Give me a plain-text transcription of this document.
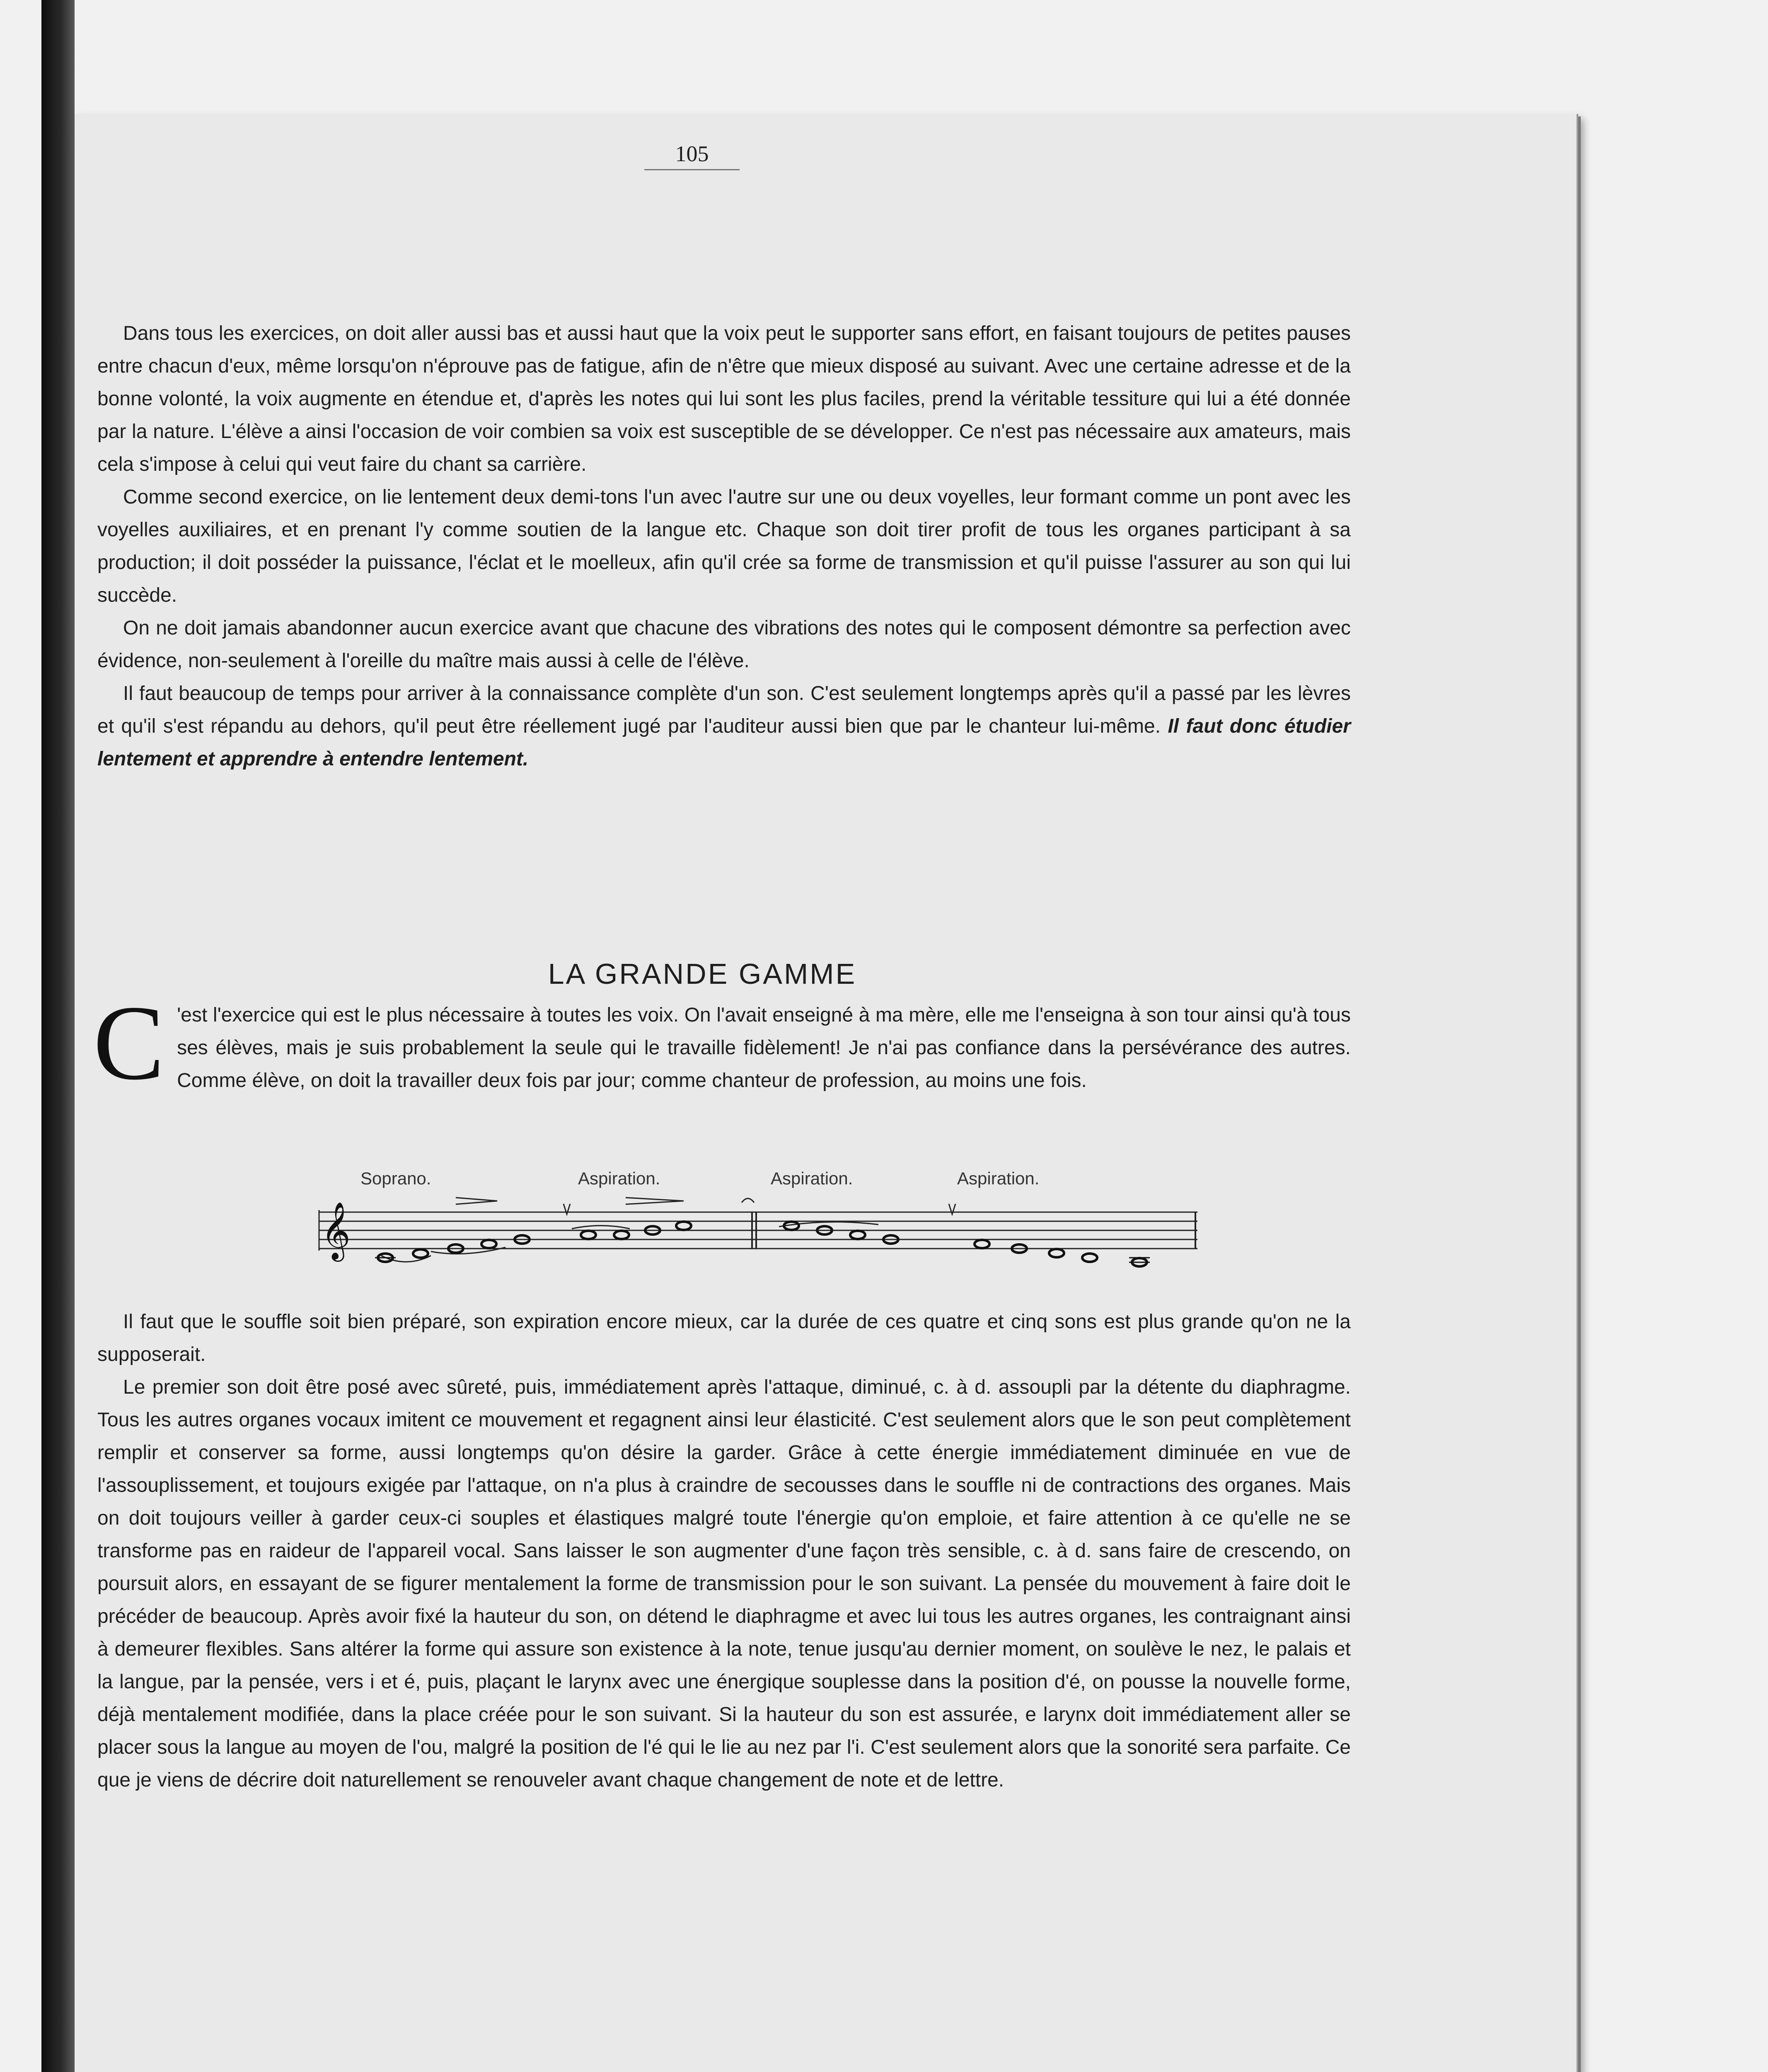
105

Dans tous les exercices, on doit aller aussi bas et aussi haut que la voix peut le supporter sans effort, en faisant toujours de petites pauses entre chacun d'eux, même lorsqu'on n'éprouve pas de fatigue, afin de n'être que mieux disposé au suivant. Avec une certaine adresse et de la bonne volonté, la voix augmente en étendue et, d'après les notes qui lui sont les plus faciles, prend la véritable tessiture qui lui a été donnée par la nature. L'élève a ainsi l'occasion de voir combien sa voix est susceptible de se développer. Ce n'est pas nécessaire aux amateurs, mais cela s'impose à celui qui veut faire du chant sa carrière.

Comme second exercice, on lie lentement deux demi-tons l'un avec l'autre sur une ou deux voyelles, leur formant comme un pont avec les voyelles auxiliaires, et en prenant l'y comme soutien de la langue etc. Chaque son doit tirer profit de tous les organes participant à sa production; il doit posséder la puissance, l'éclat et le moelleux, afin qu'il crée sa forme de transmission et qu'il puisse l'assurer au son qui lui succède.

On ne doit jamais abandonner aucun exercice avant que chacune des vibrations des notes qui le composent démontre sa perfection avec évidence, non-seulement à l'oreille du maître mais aussi à celle de l'élève.

Il faut beaucoup de temps pour arriver à la connaissance complète d'un son. C'est seulement longtemps après qu'il a passé par les lèvres et qu'il s'est répandu au dehors, qu'il peut être réellement jugé par l'auditeur aussi bien que par le chanteur lui-même. Il faut donc étudier lentement et apprendre à entendre lentement.

LA GRANDE GAMME
C 'est l'exercice qui est le plus nécessaire à toutes les voix. On l'avait enseigné à ma mère, elle me l'enseigna à son tour ainsi qu'à tous ses élèves, mais je suis probablement la seule qui le travaille fidèlement! Je n'ai pas confiance dans la persévérance des autres. Comme élève, on doit la travailler deux fois par jour; comme chanteur de profession, au moins une fois.

Soprano.	Aspiration.	Aspiration.	Aspiration.
𝄞

Il faut que le souffle soit bien préparé, son expiration encore mieux, car la durée de ces quatre et cinq sons est plus grande qu'on ne la supposerait.

Le premier son doit être posé avec sûreté, puis, immédiatement après l'attaque, diminué, c. à d. assoupli par la détente du diaphragme. Tous les autres organes vocaux imitent ce mouvement et regagnent ainsi leur élasticité. C'est seulement alors que le son peut complètement remplir et conserver sa forme, aussi longtemps qu'on désire la garder. Grâce à cette énergie immédiatement diminuée en vue de l'assouplissement, et toujours exigée par l'attaque, on n'a plus à craindre de secousses dans le souffle ni de contractions des organes. Mais on doit toujours veiller à garder ceux-ci souples et élastiques malgré toute l'énergie qu'on emploie, et faire attention à ce qu'elle ne se transforme pas en raideur de l'appareil vocal. Sans laisser le son augmenter d'une façon très sensible, c. à d. sans faire de crescendo, on poursuit alors, en essayant de se figurer mentalement la forme de transmission pour le son suivant. La pensée du mouvement à faire doit le précéder de beaucoup. Après avoir fixé la hauteur du son, on détend le diaphragme et avec lui tous les autres organes, les contraignant ainsi à demeurer flexibles. Sans altérer la forme qui assure son existence à la note, tenue jusqu'au dernier moment, on soulève le nez, le palais et la langue, par la pensée, vers i et é, puis, plaçant le larynx avec une énergique souplesse dans la position d'é, on pousse la nouvelle forme, déjà mentalement modifiée, dans la place créée pour le son suivant. Si la hauteur du son est assurée, e larynx doit immédiatement aller se placer sous la langue au moyen de l'ou, malgré la position de l'é qui le lie au nez par l'i. C'est seulement alors que la sonorité sera parfaite. Ce que je viens de décrire doit naturellement se renouveler avant chaque changement de note et de lettre.
